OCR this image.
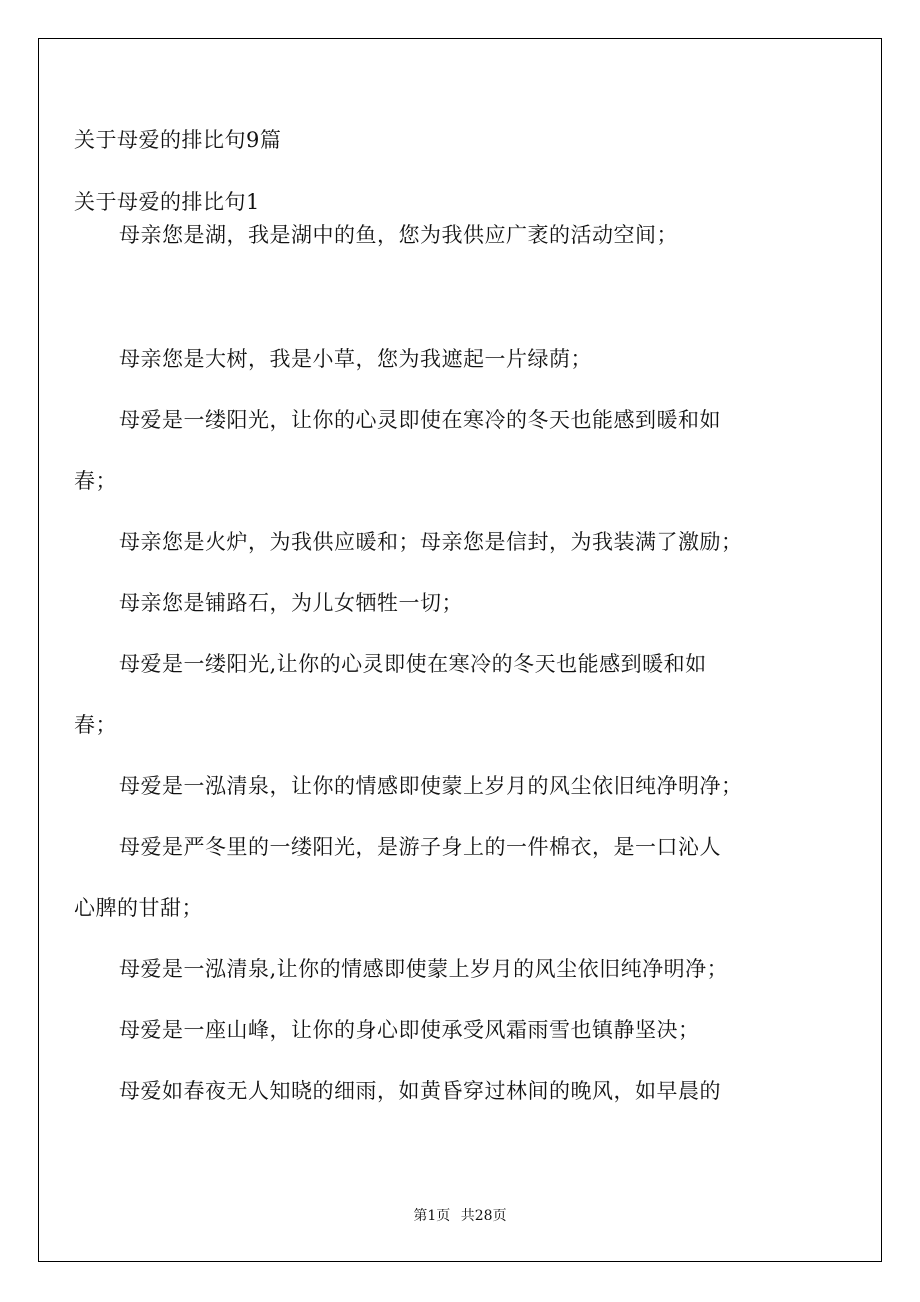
关于母爱的排比句9篇
关于母爱的排比句1
母亲您是湖，我是湖中的鱼，您为我供应广袤的活动空间；
母亲您是大树，我是小草，您为我遮起一片绿荫；
母爱是一缕阳光，让你的心灵即使在寒冷的冬天也能感到暖和如
春；
母亲您是火炉，为我供应暖和；母亲您是信封，为我装满了激励；
母亲您是铺路石，为儿女牺牲一切；
母爱是一缕阳光,让你的心灵即使在寒冷的冬天也能感到暖和如
春；
母爱是一泓清泉，让你的情感即使蒙上岁月的风尘依旧纯净明净；
母爱是严冬里的一缕阳光，是游子身上的一件棉衣，是一口沁人
心脾的甘甜；
母爱是一泓清泉,让你的情感即使蒙上岁月的风尘依旧纯净明净；
母爱是一座山峰，让你的身心即使承受风霜雨雪也镇静坚决；
母爱如春夜无人知晓的细雨，如黄昏穿过林间的晚风，如早晨的
第1页 共28页
